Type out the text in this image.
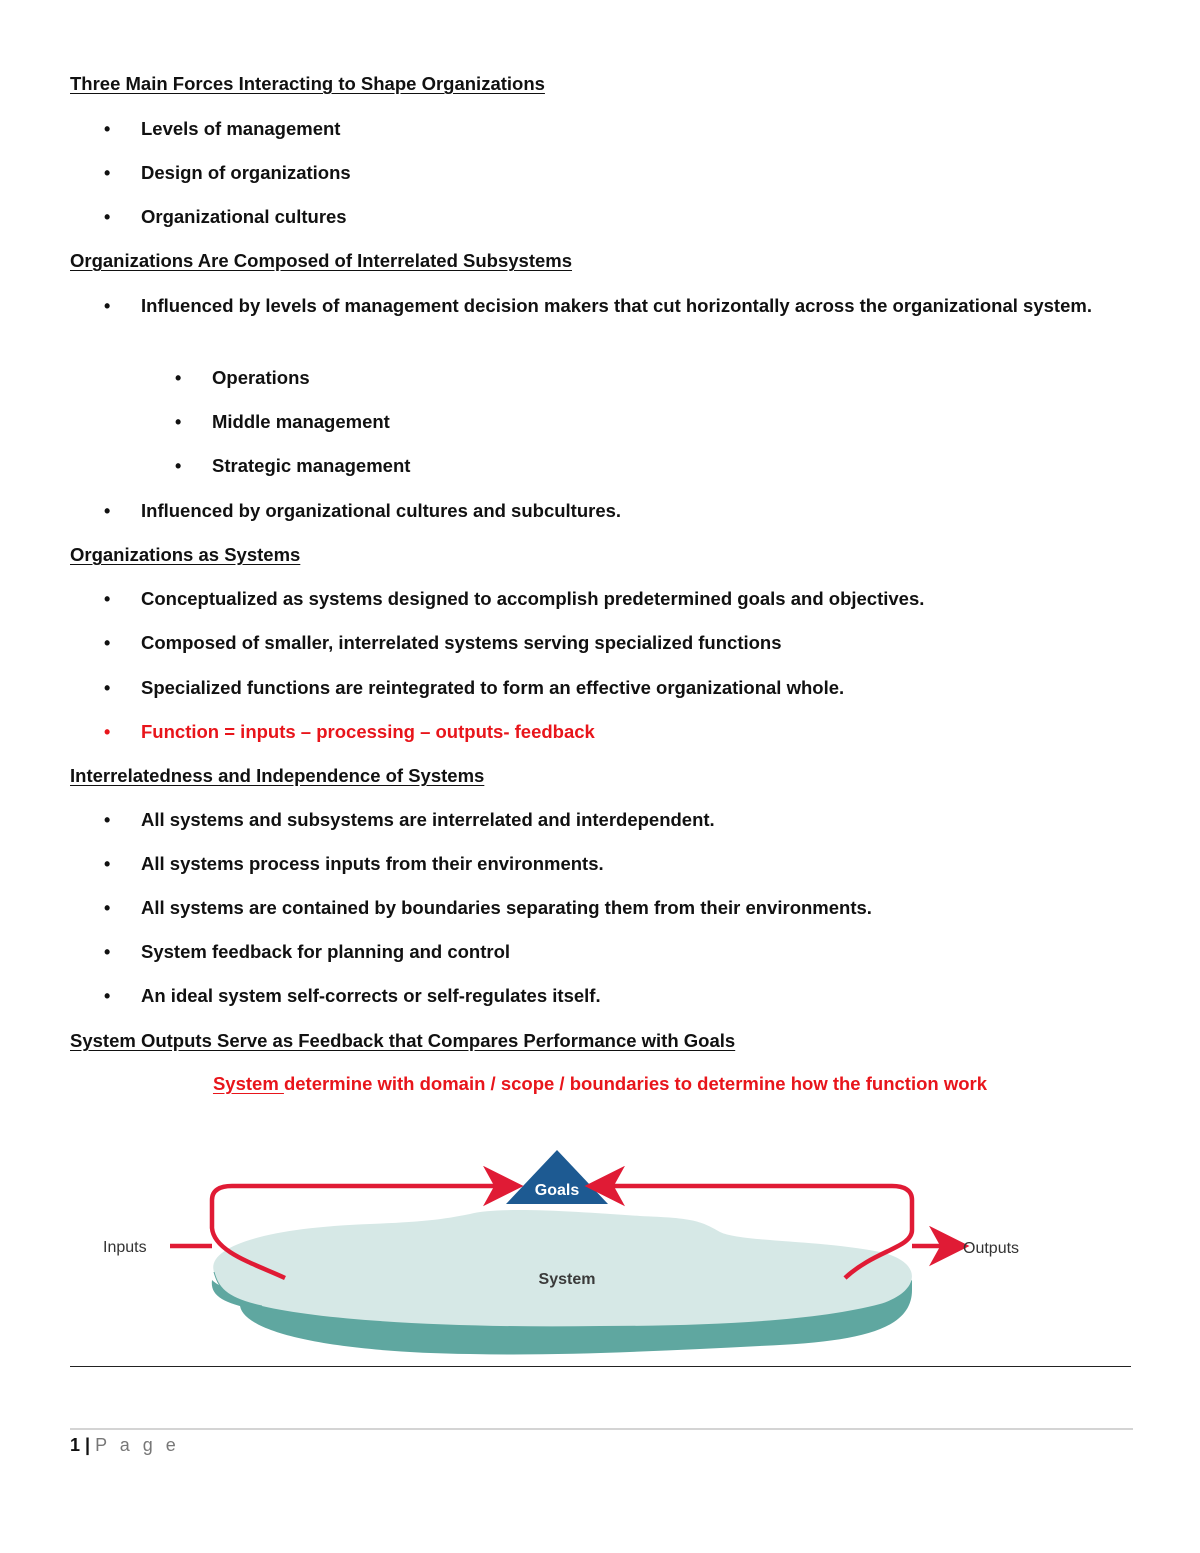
Three Main Forces Interacting to Shape Organizations
• Levels of management
• Design of organizations
• Organizational cultures
Organizations Are Composed of Interrelated Subsystems
• Influenced by levels of management decision makers that cut horizontally across the organizational system.
• Operations
• Middle management
• Strategic management
• Influenced by organizational cultures and subcultures.
Organizations as Systems
• Conceptualized as systems designed to accomplish predetermined goals and objectives.
• Composed of smaller, interrelated systems serving specialized functions
• Specialized functions are reintegrated to form an effective organizational whole.
• Function = inputs – processing – outputs- feedback
Interrelatedness and Independence of Systems
• All systems and subsystems are interrelated and interdependent.
• All systems process inputs from their environments.
• All systems are contained by boundaries separating them from their environments.
• System feedback for planning and control
• An ideal system self-corrects or self-regulates itself.
System Outputs Serve as Feedback that Compares Performance with Goals
System determine with domain / scope / boundaries to determine how the function work
Goals
Inputs	Outputs
System
1 | P a g e
